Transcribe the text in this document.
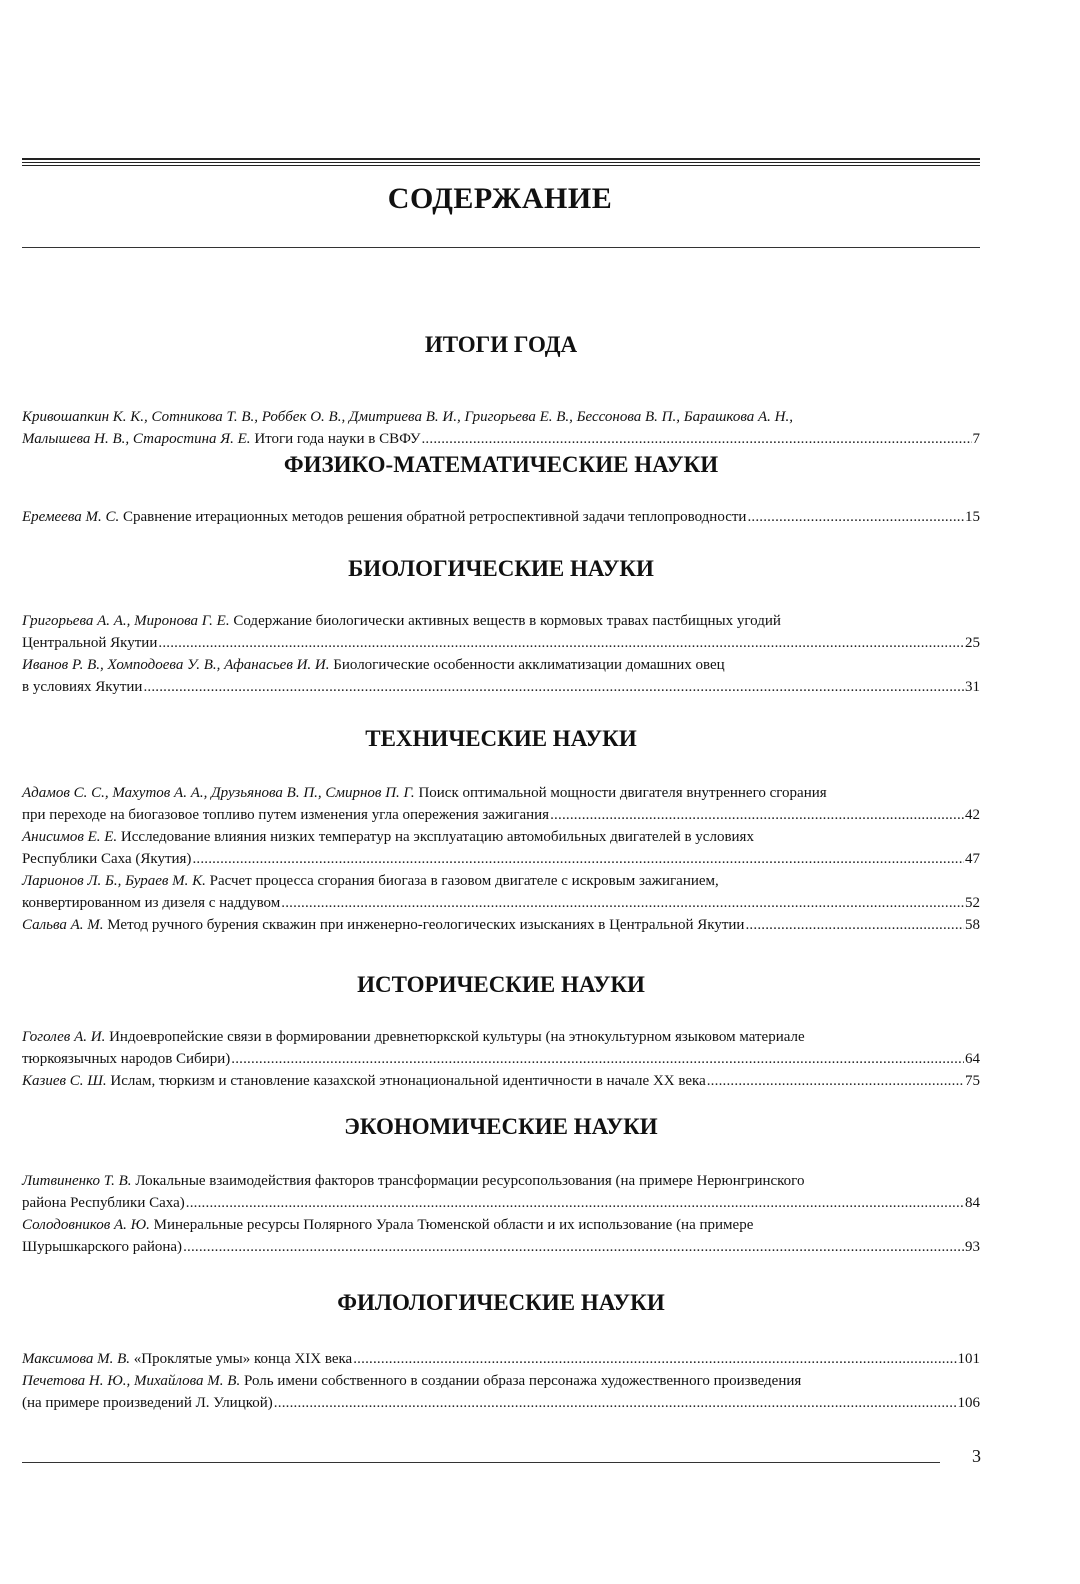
СОДЕРЖАНИЕ
ИТОГИ ГОДА
Кривошапкин К. К., Сотникова Т. В., Роббек О. В., Дмитриева В. И., Григорьева Е. В., Бессонова В. П., Барашкова А. Н.,
Малышева Н. В., Старостина Я. Е. Итоги года науки в СВФУ .....	7
ФИЗИКО-МАТЕМАТИЧЕСКИЕ НАУКИ
Еремеева М. С. Сравнение итерационных методов решения обратной ретроспективной задачи теплопроводности .....	15
БИОЛОГИЧЕСКИЕ НАУКИ
Григорьева А. А., Миронова Г. Е. Содержание биологически активных веществ в кормовых травах пастбищных угодий
Центральной Якутии .....	25
Иванов Р. В., Хомподоева У. В., Афанасьев И. И. Биологические особенности акклиматизации домашних овец
в условиях Якутии .....	31
ТЕХНИЧЕСКИЕ НАУКИ
Адамов С. С., Махутов А. А., Друзьянова В. П., Смирнов П. Г. Поиск оптимальной мощности двигателя внутреннего сгорания
при переходе на биогазовое топливо путем изменения угла опережения зажигания .....	42
Анисимов Е. Е. Исследование влияния низких температур на эксплуатацию автомобильных двигателей в условиях
Республики Саха (Якутия) .....	47
Ларионов Л. Б., Бураев М. К. Расчет процесса сгорания биогаза в газовом двигателе с искровым зажиганием,
конвертированном из дизеля с наддувом .....	52
Сальва А. М. Метод ручного бурения скважин при инженерно-геологических изысканиях в Центральной Якутии .....	58
ИСТОРИЧЕСКИЕ НАУКИ
Гоголев А. И. Индоевропейские связи в формировании древнетюркской культуры (на этнокультурном языковом материале
тюркоязычных народов Сибири) .....	64
Казиев С. Ш. Ислам, тюркизм и становление казахской этнонациональной идентичности в начале XX века .....	75
ЭКОНОМИЧЕСКИЕ НАУКИ
Литвиненко Т. В. Локальные взаимодействия факторов трансформации ресурсопользования (на примере Нерюнгринского
района Республики Саха) .....	84
Солодовников А. Ю. Минеральные ресурсы Полярного Урала Тюменской области и их использование (на примере
Шурышкарского района) .....	93
ФИЛОЛОГИЧЕСКИЕ НАУКИ
Максимова М. В. «Проклятые умы» конца XIX века .....	101
Печетова Н. Ю., Михайлова М. В. Роль имени собственного в создании образа персонажа художественного произведения
(на примере произведений Л. Улицкой) .....	106
3
